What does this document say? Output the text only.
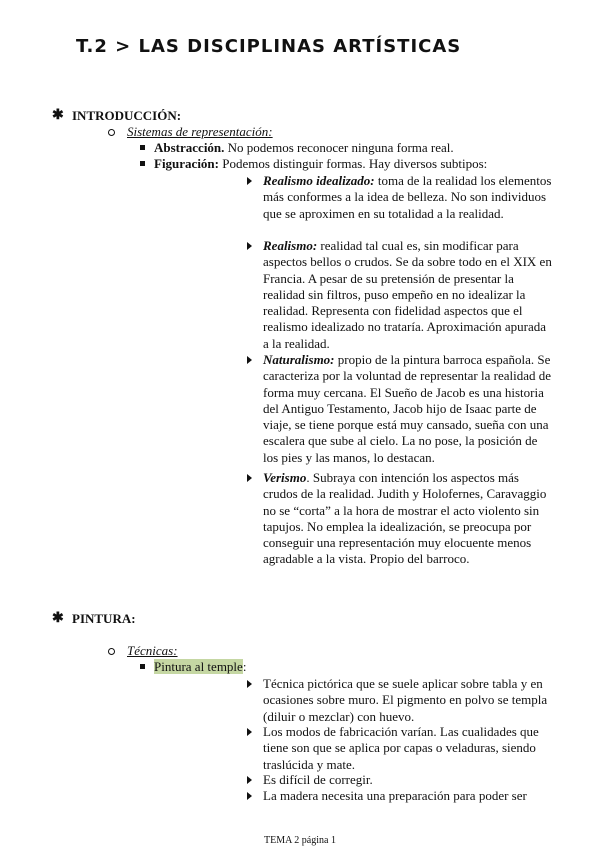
T.2 > LAS DISCIPLINAS ARTÍSTICAS
✱ INTRODUCCIÓN:
Sistemas de representación:
Abstracción. No podemos reconocer ninguna forma real.
Figuración: Podemos distinguir formas. Hay diversos subtipos:
Realismo idealizado: toma de la realidad los elementos más conformes a la idea de belleza. No son individuos que se aproximen en su totalidad a la realidad.
Realismo: realidad tal cual es, sin modificar para aspectos bellos o crudos. Se da sobre todo en el XIX en Francia. A pesar de su pretensión de presentar la realidad sin filtros, puso empeño en no idealizar la realidad. Representa con fidelidad aspectos que el realismo idealizado no trataría. Aproximación apurada a la realidad.
Naturalismo: propio de la pintura barroca española. Se caracteriza por la voluntad de representar la realidad de forma muy cercana. El Sueño de Jacob es una historia del Antiguo Testamento, Jacob hijo de Isaac parte de viaje, se tiene porque está muy cansado, sueña con una escalera que sube al cielo. La no pose, la posición de los pies y las manos, lo destacan.
Verismo. Subraya con intención los aspectos más crudos de la realidad. Judith y Holofernes, Caravaggio no se “corta” a la hora de mostrar el acto violento sin tapujos. No emplea la idealización, se preocupa por conseguir una representación muy elocuente menos agradable a la vista. Propio del barroco.
✱ PINTURA:
Técnicas:
Pintura al temple:
Técnica pictórica que se suele aplicar sobre tabla y en ocasiones sobre muro. El pigmento en polvo se templa (diluir o mezclar) con huevo.
Los modos de fabricación varían. Las cualidades que tiene son que se aplica por capas o veladuras, siendo traslúcida y mate.
Es difícil de corregir.
La madera necesita una preparación para poder ser
TEMA 2 página 1
